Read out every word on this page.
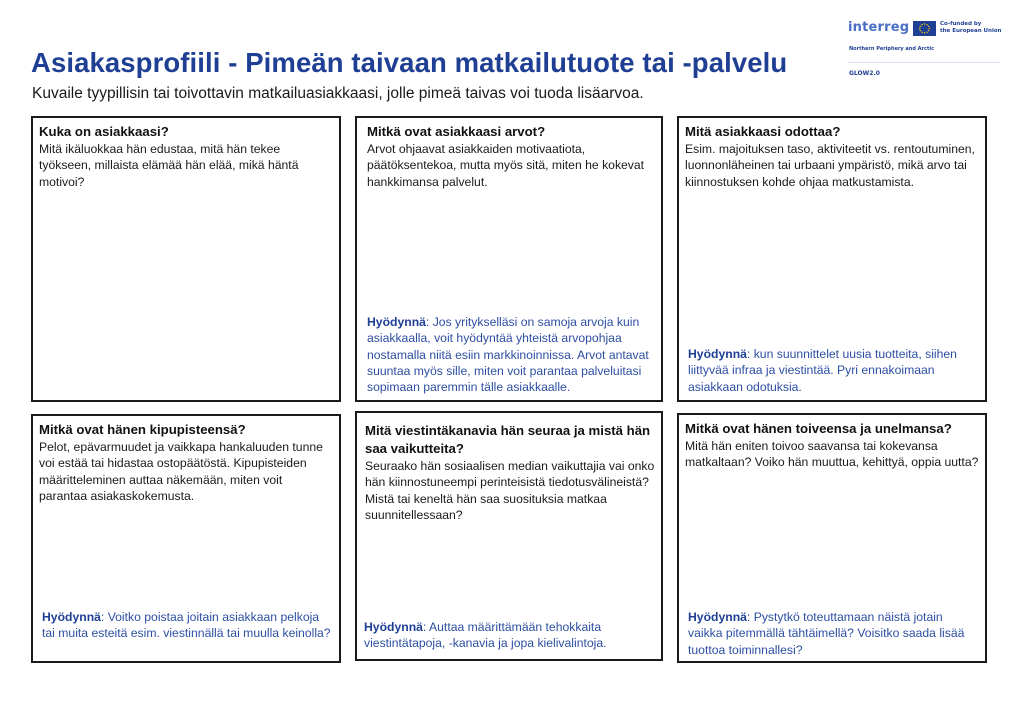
Asiakasprofiili - Pimeän taivaan matkailutuote tai -palvelu
Kuvaile tyypillisin tai toivottavin matkailuasiakkaasi, jolle pimeä taivas voi tuoda lisäarvoa.
interreg	Co-funded by
the European Union
Northern Periphery and Arctic
GLOW2.0
Kuka on asiakkaasi?
Mitä ikäluokkaa hän edustaa, mitä hän tekee työkseen, millaista elämää hän elää, mikä häntä motivoi?
Mitkä ovat asiakkaasi arvot?
Arvot ohjaavat asiakkaiden motivaatiota, päätöksentekoa, mutta myös sitä, miten he kokevat hankkimansa palvelut.
Hyödynnä: Jos yritykselläsi on samoja arvoja kuin asiakkaalla, voit hyödyntää yhteistä arvopohjaa nostamalla niitä esiin markkinoinnissa. Arvot antavat suuntaa myös sille, miten voit parantaa palveluitasi sopimaan paremmin tälle asiakkaalle.
Mitä asiakkaasi odottaa?
Esim. majoituksen taso, aktiviteetit vs. rentoutuminen, luonnonläheinen tai urbaani ympäristö, mikä arvo tai kiinnostuksen kohde ohjaa matkustamista.
Hyödynnä: kun suunnittelet uusia tuotteita, siihen liittyvää infraa ja viestintää. Pyri ennakoimaan asiakkaan odotuksia.
Mitkä ovat hänen kipupisteensä?
Pelot, epävarmuudet ja vaikkapa hankaluuden tunne voi estää tai hidastaa ostopäätöstä. Kipupisteiden määritteleminen auttaa näkemään, miten voit parantaa asiakaskokemusta.
Hyödynnä: Voitko poistaa joitain asiakkaan pelkoja tai muita esteitä esim. viestinnällä tai muulla keinolla?
Mitä viestintäkanavia hän seuraa ja mistä hän saa vaikutteita?
Seuraako hän sosiaalisen median vaikuttajia vai onko hän kiinnostuneempi perinteisistä tiedotusvälineistä? Mistä tai keneltä hän saa suosituksia matkaa suunnitellessaan?
Hyödynnä: Auttaa määrittämään tehokkaita viestintätapoja, -kanavia ja jopa kielivalintoja.
Mitkä ovat hänen toiveensa ja unelmansa?
Mitä hän eniten toivoo saavansa tai kokevansa matkaltaan? Voiko hän muuttua, kehittyä, oppia uutta?
Hyödynnä: Pystytkö toteuttamaan näistä jotain vaikka pitemmällä tähtäimellä? Voisitko saada lisää tuottoa toiminnallesi?
